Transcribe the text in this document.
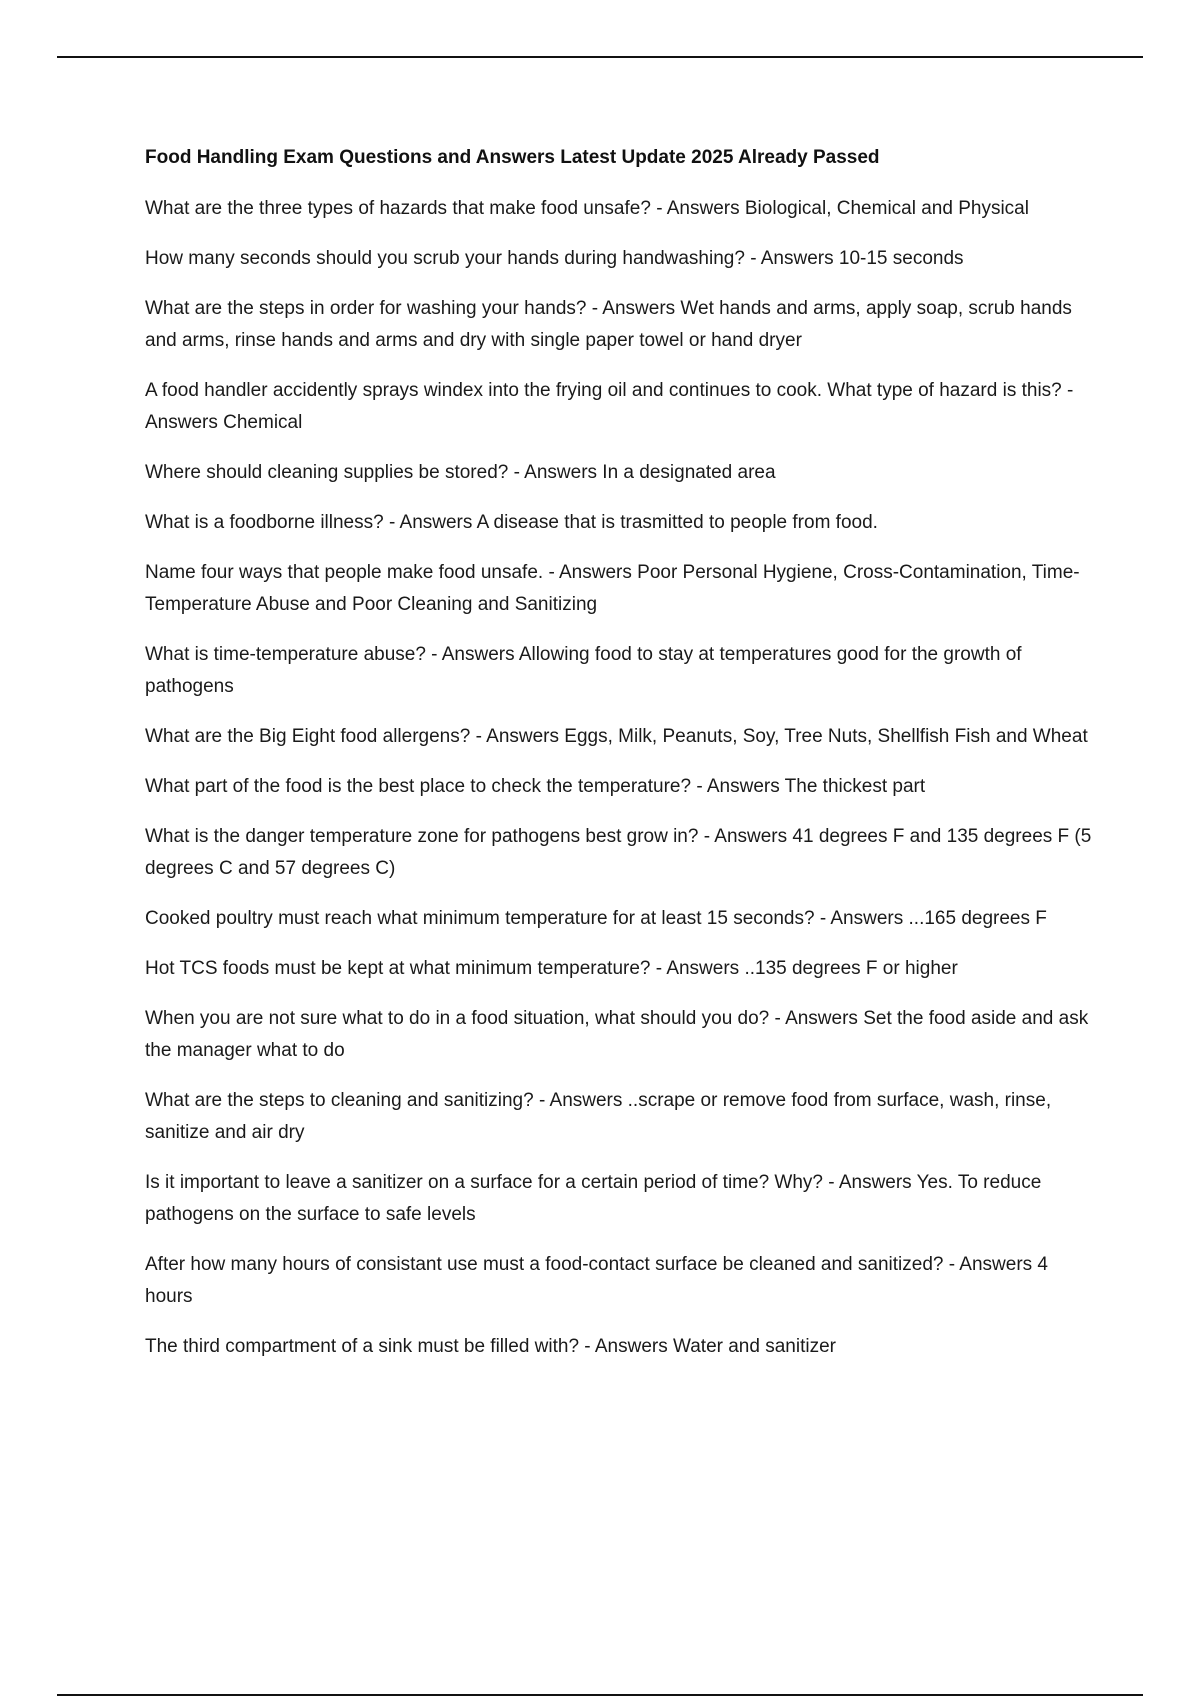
Food Handling Exam Questions and Answers Latest Update 2025 Already Passed

What are the three types of hazards that make food unsafe? - Answers Biological, Chemical and Physical

How many seconds should you scrub your hands during handwashing? - Answers 10-15 seconds

What are the steps in order for washing your hands? - Answers Wet hands and arms, apply soap, scrub hands and arms, rinse hands and arms and dry with single paper towel or hand dryer

A food handler accidently sprays windex into the frying oil and continues to cook. What type of hazard is this? - Answers Chemical

Where should cleaning supplies be stored? - Answers In a designated area

What is a foodborne illness? - Answers A disease that is trasmitted to people from food.

Name four ways that people make food unsafe. - Answers Poor Personal Hygiene, Cross-Contamination, Time-Temperature Abuse and Poor Cleaning and Sanitizing

What is time-temperature abuse? - Answers Allowing food to stay at temperatures good for the growth of pathogens

What are the Big Eight food allergens? - Answers Eggs, Milk, Peanuts, Soy, Tree Nuts, Shellfish Fish and Wheat

What part of the food is the best place to check the temperature? - Answers The thickest part

What is the danger temperature zone for pathogens best grow in? - Answers 41 degrees F and 135 degrees F (5 degrees C and 57 degrees C)

Cooked poultry must reach what minimum temperature for at least 15 seconds? - Answers ...165 degrees F

Hot TCS foods must be kept at what minimum temperature? - Answers ..135 degrees F or higher

When you are not sure what to do in a food situation, what should you do? - Answers Set the food aside and ask the manager what to do

What are the steps to cleaning and sanitizing? - Answers ..scrape or remove food from surface, wash, rinse, sanitize and air dry

Is it important to leave a sanitizer on a surface for a certain period of time? Why? - Answers Yes. To reduce pathogens on the surface to safe levels

After how many hours of consistant use must a food-contact surface be cleaned and sanitized? - Answers 4 hours

The third compartment of a sink must be filled with? - Answers Water and sanitizer
